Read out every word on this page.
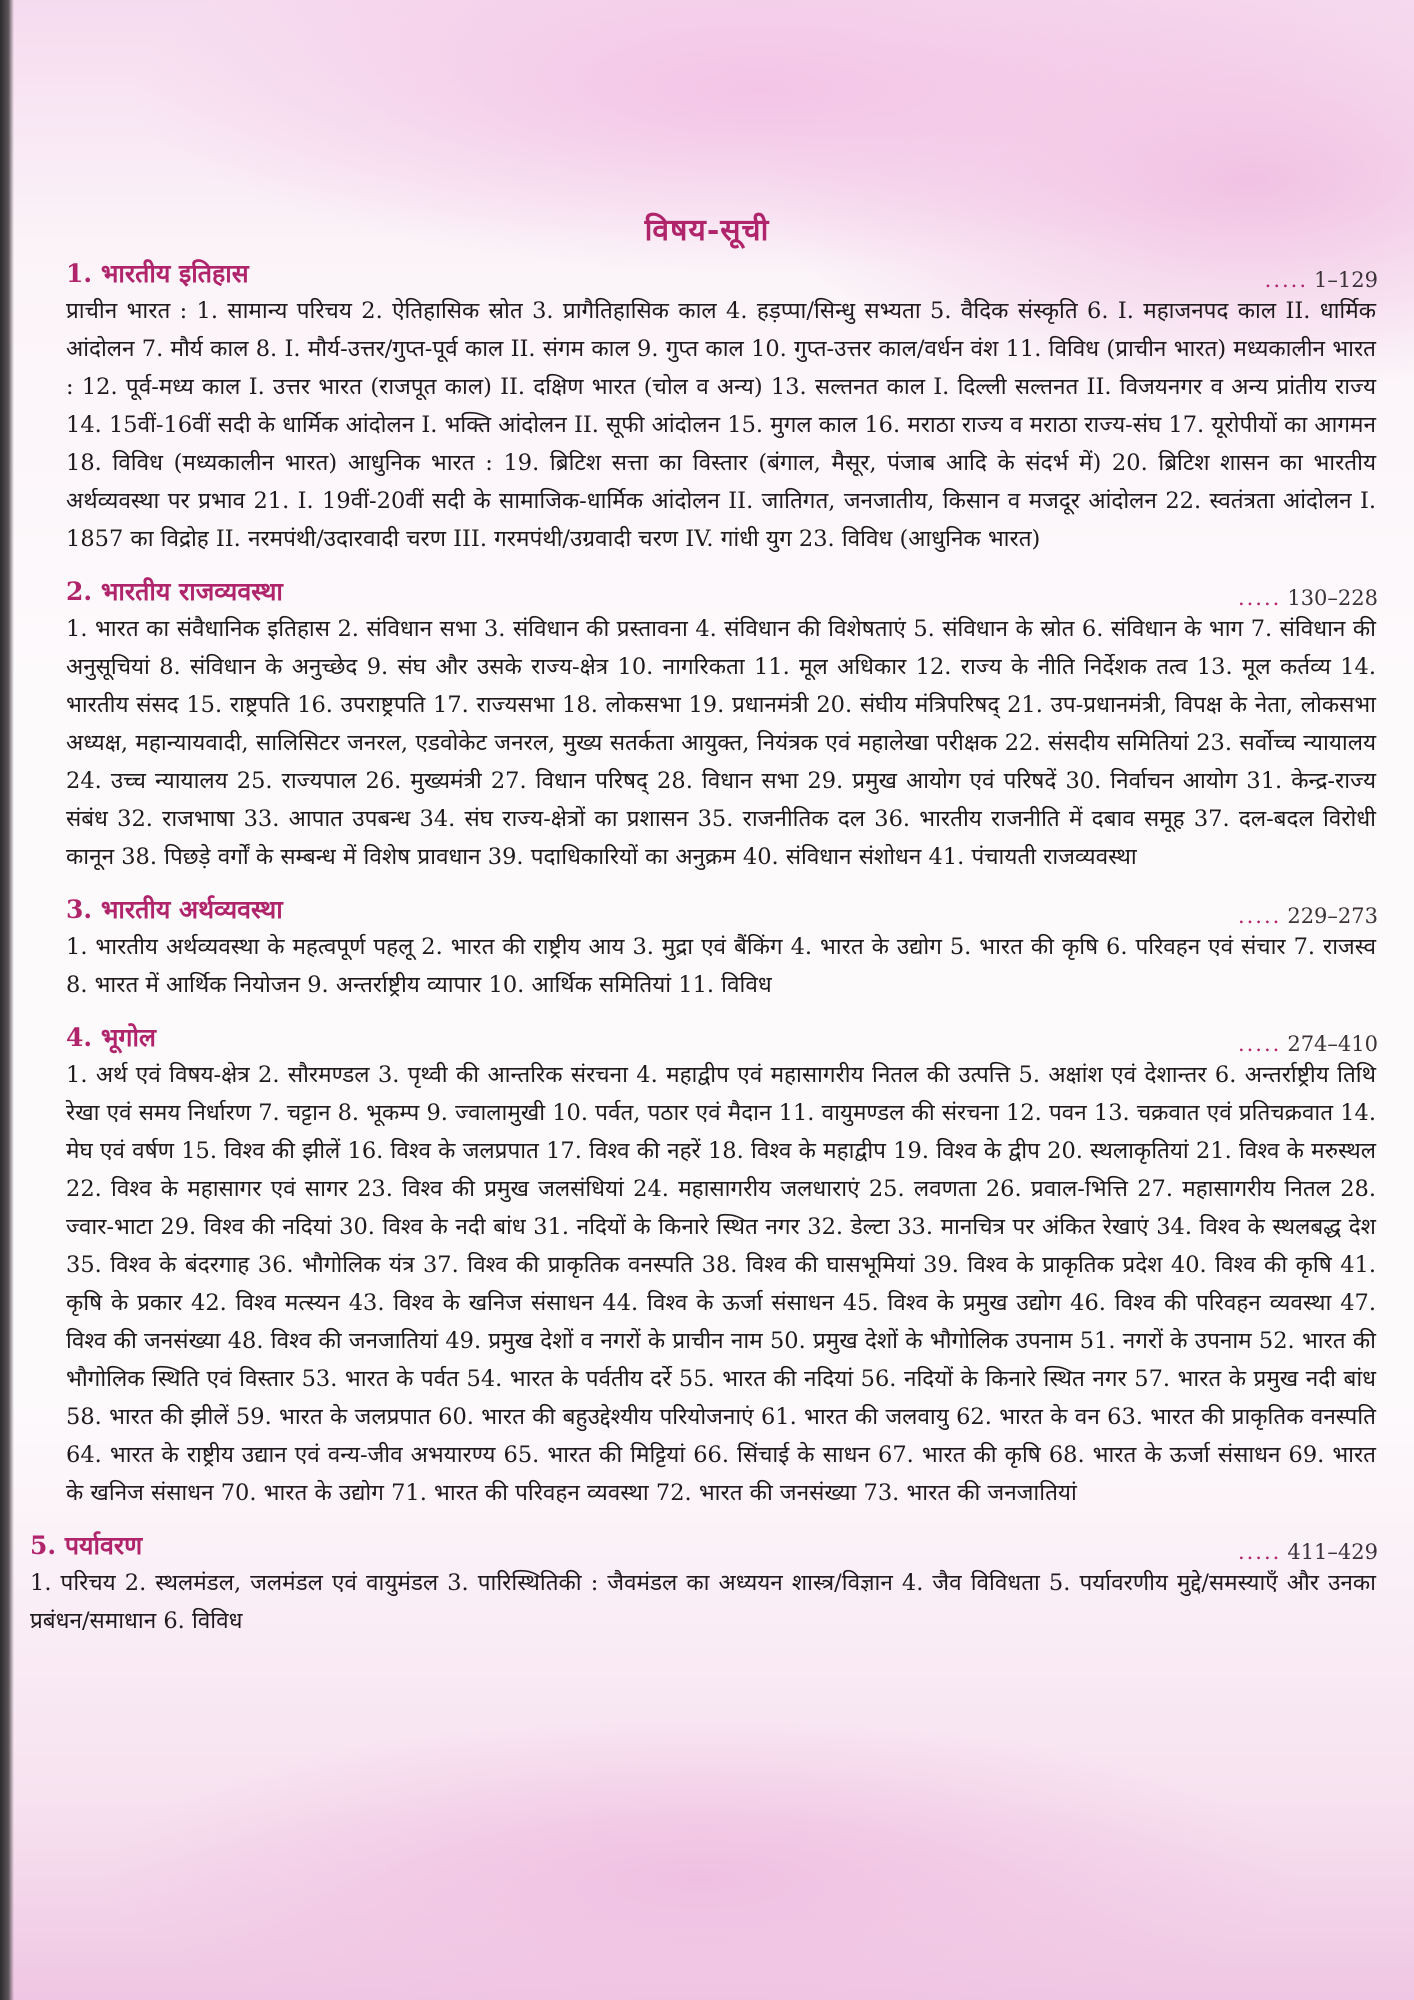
विषय-सूची
1. भारतीय इतिहास	..... 1–129
प्राचीन भारत : 1. सामान्य परिचय 2. ऐतिहासिक स्रोत 3. प्रागैतिहासिक काल 4. हड़प्पा/सिन्धु सभ्यता 5. वैदिक संस्कृति 6. I. महाजनपद काल II. धार्मिक आंदोलन 7. मौर्य काल 8. I. मौर्य-उत्तर/गुप्त-पूर्व काल II. संगम काल 9. गुप्त काल 10. गुप्त-उत्तर काल/वर्धन वंश 11. विविध (प्राचीन भारत) मध्यकालीन भारत : 12. पूर्व-मध्य काल I. उत्तर भारत (राजपूत काल) II. दक्षिण भारत (चोल व अन्य) 13. सल्तनत काल I. दिल्ली सल्तनत II. विजयनगर व अन्य प्रांतीय राज्य 14. 15वीं-16वीं सदी के धार्मिक आंदोलन I. भक्ति आंदोलन II. सूफी आंदोलन 15. मुगल काल 16. मराठा राज्य व मराठा राज्य-संघ 17. यूरोपीयों का आगमन 18. विविध (मध्यकालीन भारत) आधुनिक भारत : 19. ब्रिटिश सत्ता का विस्तार (बंगाल, मैसूर, पंजाब आदि के संदर्भ में) 20. ब्रिटिश शासन का भारतीय अर्थव्यवस्था पर प्रभाव 21. I. 19वीं-20वीं सदी के सामाजिक-धार्मिक आंदोलन II. जातिगत, जनजातीय, किसान व मजदूर आंदोलन 22. स्वतंत्रता आंदोलन I. 1857 का विद्रोह II. नरमपंथी/उदारवादी चरण III. गरमपंथी/उग्रवादी चरण IV. गांधी युग 23. विविध (आधुनिक भारत)
2. भारतीय राजव्यवस्था	..... 130–228
1. भारत का संवैधानिक इतिहास 2. संविधान सभा 3. संविधान की प्रस्तावना 4. संविधान की विशेषताएं 5. संविधान के स्रोत 6. संविधान के भाग 7. संविधान की अनुसूचियां 8. संविधान के अनुच्छेद 9. संघ और उसके राज्य-क्षेत्र 10. नागरिकता 11. मूल अधिकार 12. राज्य के नीति निर्देशक तत्व 13. मूल कर्तव्य 14. भारतीय संसद 15. राष्ट्रपति 16. उपराष्ट्रपति 17. राज्यसभा 18. लोकसभा 19. प्रधानमंत्री 20. संघीय मंत्रिपरिषद् 21. उप-प्रधानमंत्री, विपक्ष के नेता, लोकसभा अध्यक्ष, महान्यायवादी, सालिसिटर जनरल, एडवोकेट जनरल, मुख्य सतर्कता आयुक्त, नियंत्रक एवं महालेखा परीक्षक 22. संसदीय समितियां 23. सर्वोच्च न्यायालय 24. उच्च न्यायालय 25. राज्यपाल 26. मुख्यमंत्री 27. विधान परिषद् 28. विधान सभा 29. प्रमुख आयोग एवं परिषदें 30. निर्वाचन आयोग 31. केन्द्र-राज्य संबंध 32. राजभाषा 33. आपात उपबन्ध 34. संघ राज्य-क्षेत्रों का प्रशासन 35. राजनीतिक दल 36. भारतीय राजनीति में दबाव समूह 37. दल-बदल विरोधी कानून 38. पिछड़े वर्गों के सम्बन्ध में विशेष प्रावधान 39. पदाधिकारियों का अनुक्रम 40. संविधान संशोधन 41. पंचायती राजव्यवस्था
3. भारतीय अर्थव्यवस्था	..... 229–273
1. भारतीय अर्थव्यवस्था के महत्वपूर्ण पहलू 2. भारत की राष्ट्रीय आय 3. मुद्रा एवं बैंकिंग 4. भारत के उद्योग 5. भारत की कृषि 6. परिवहन एवं संचार 7. राजस्व 8. भारत में आर्थिक नियोजन 9. अन्तर्राष्ट्रीय व्यापार 10. आर्थिक समितियां 11. विविध
4. भूगोल	..... 274–410
1. अर्थ एवं विषय-क्षेत्र 2. सौरमण्डल 3. पृथ्वी की आन्तरिक संरचना 4. महाद्वीप एवं महासागरीय नितल की उत्पत्ति 5. अक्षांश एवं देशान्तर 6. अन्तर्राष्ट्रीय तिथि रेखा एवं समय निर्धारण 7. चट्टान 8. भूकम्प 9. ज्वालामुखी 10. पर्वत, पठार एवं मैदान 11. वायुमण्डल की संरचना 12. पवन 13. चक्रवात एवं प्रतिचक्रवात 14. मेघ एवं वर्षण 15. विश्व की झीलें 16. विश्व के जलप्रपात 17. विश्व की नहरें 18. विश्व के महाद्वीप 19. विश्व के द्वीप 20. स्थलाकृतियां 21. विश्व के मरुस्थल 22. विश्व के महासागर एवं सागर 23. विश्व की प्रमुख जलसंधियां 24. महासागरीय जलधाराएं 25. लवणता 26. प्रवाल-भित्ति 27. महासागरीय नितल 28. ज्वार-भाटा 29. विश्व की नदियां 30. विश्व के नदी बांध 31. नदियों के किनारे स्थित नगर 32. डेल्टा 33. मानचित्र पर अंकित रेखाएं 34. विश्व के स्थलबद्ध देश 35. विश्व के बंदरगाह 36. भौगोलिक यंत्र 37. विश्व की प्राकृतिक वनस्पति 38. विश्व की घासभूमियां 39. विश्व के प्राकृतिक प्रदेश 40. विश्व की कृषि 41. कृषि के प्रकार 42. विश्व मत्स्यन 43. विश्व के खनिज संसाधन 44. विश्व के ऊर्जा संसाधन 45. विश्व के प्रमुख उद्योग 46. विश्व की परिवहन व्यवस्था 47. विश्व की जनसंख्या 48. विश्व की जनजातियां 49. प्रमुख देशों व नगरों के प्राचीन नाम 50. प्रमुख देशों के भौगोलिक उपनाम 51. नगरों के उपनाम 52. भारत की भौगोलिक स्थिति एवं विस्तार 53. भारत के पर्वत 54. भारत के पर्वतीय दर्रे 55. भारत की नदियां 56. नदियों के किनारे स्थित नगर 57. भारत के प्रमुख नदी बांध 58. भारत की झीलें 59. भारत के जलप्रपात 60. भारत की बहुउद्देश्यीय परियोजनाएं 61. भारत की जलवायु 62. भारत के वन 63. भारत की प्राकृतिक वनस्पति 64. भारत के राष्ट्रीय उद्यान एवं वन्य-जीव अभयारण्य 65. भारत की मिट्टियां 66. सिंचाई के साधन 67. भारत की कृषि 68. भारत के ऊर्जा संसाधन 69. भारत के खनिज संसाधन 70. भारत के उद्योग 71. भारत की परिवहन व्यवस्था 72. भारत की जनसंख्या 73. भारत की जनजातियां
5. पर्यावरण	..... 411–429
1. परिचय 2. स्थलमंडल, जलमंडल एवं वायुमंडल 3. पारिस्थितिकी : जैवमंडल का अध्ययन शास्त्र/विज्ञान 4. जैव विविधता 5. पर्यावरणीय मुद्दे/समस्याएँ और उनका प्रबंधन/समाधान 6. विविध
